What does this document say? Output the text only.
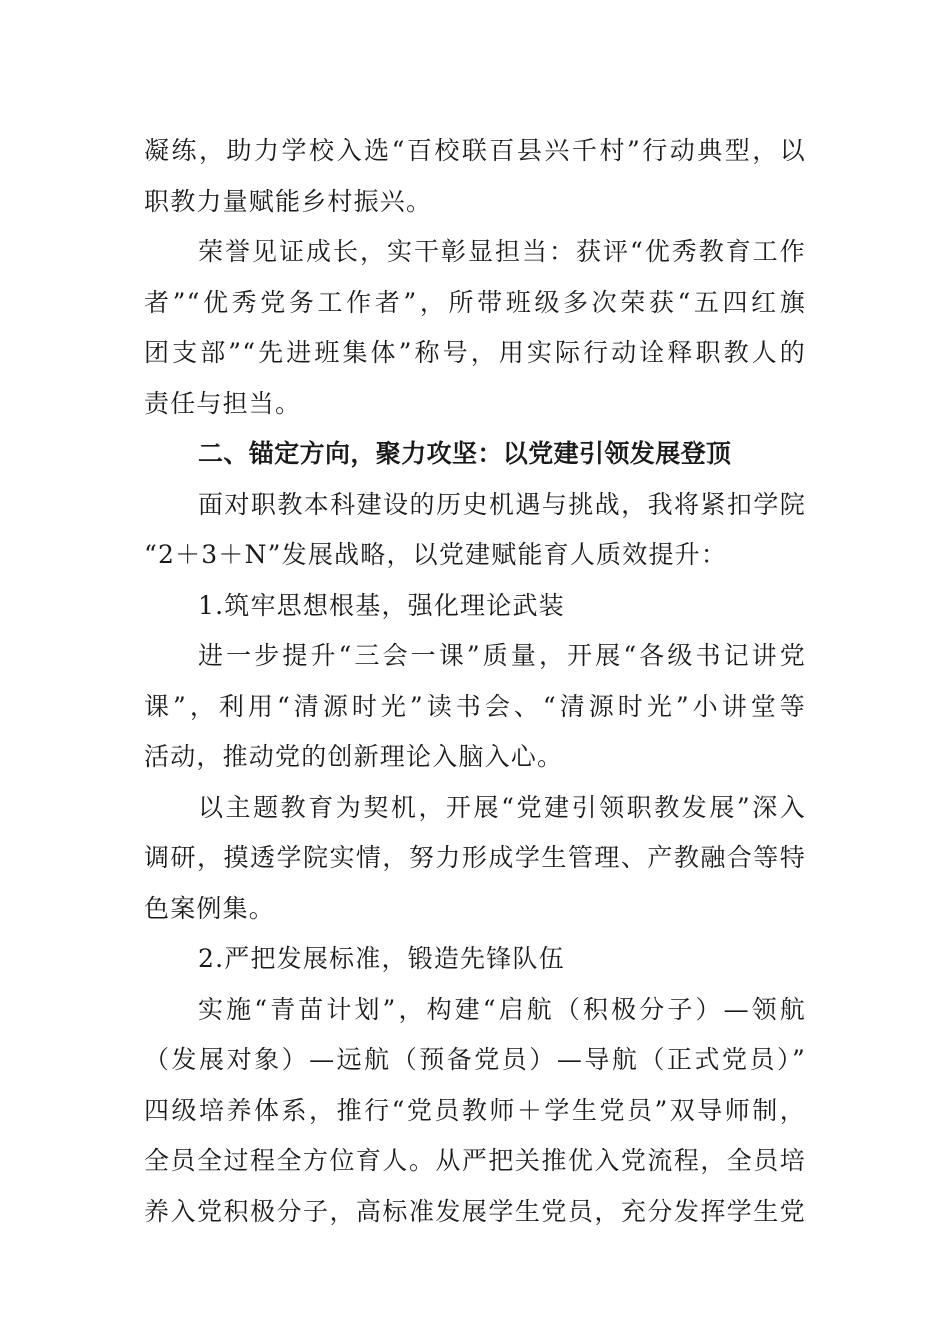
凝练，助力学校入选“百校联百县兴千村”行动典型，以
职教力量赋能乡村振兴。
荣誉见证成长，实干彰显担当：获评“优秀教育工作
者”“优秀党务工作者”，所带班级多次荣获“五四红旗
团支部”“先进班集体”称号，用实际行动诠释职教人的
责任与担当。
二、锚定方向，聚力攻坚：以党建引领发展登顶
面对职教本科建设的历史机遇与挑战，我将紧扣学院
“2＋3＋N”发展战略，以党建赋能育人质效提升：
1.筑牢思想根基，强化理论武装
进一步提升“三会一课”质量，开展“各级书记讲党
课”，利用“清源时光”读书会、“清源时光”小讲堂等
活动，推动党的创新理论入脑入心。
以主题教育为契机，开展“党建引领职教发展”深入
调研，摸透学院实情，努力形成学生管理、产教融合等特
色案例集。
2.严把发展标准，锻造先锋队伍
实施“青苗计划”，构建“启航（积极分子）—领航
（发展对象）—远航（预备党员）—导航（正式党员）”
四级培养体系，推行“党员教师＋学生党员”双导师制，
全员全过程全方位育人。从严把关推优入党流程，全员培
养入党积极分子，高标准发展学生党员，充分发挥学生党
